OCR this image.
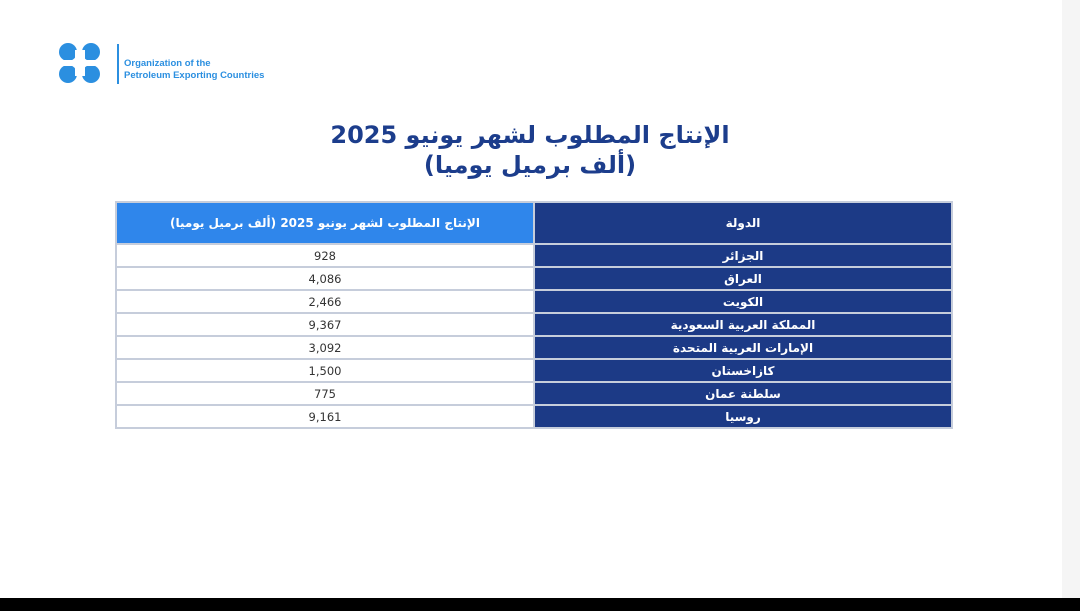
Organization of the
Petroleum Exporting Countries
الإنتاج المطلوب لشهر يونيو 2025
(ألف برميل يوميا)
الإنتاج المطلوب لشهر يونيو 2025 (ألف برميل يوميا)	الدولة
928	الجزائر
4,086	العراق
2,466	الكويت
9,367	المملكة العربية السعودية
3,092	الإمارات العربية المتحدة
1,500	كازاخستان
775	سلطنة عمان
9,161	روسيا
